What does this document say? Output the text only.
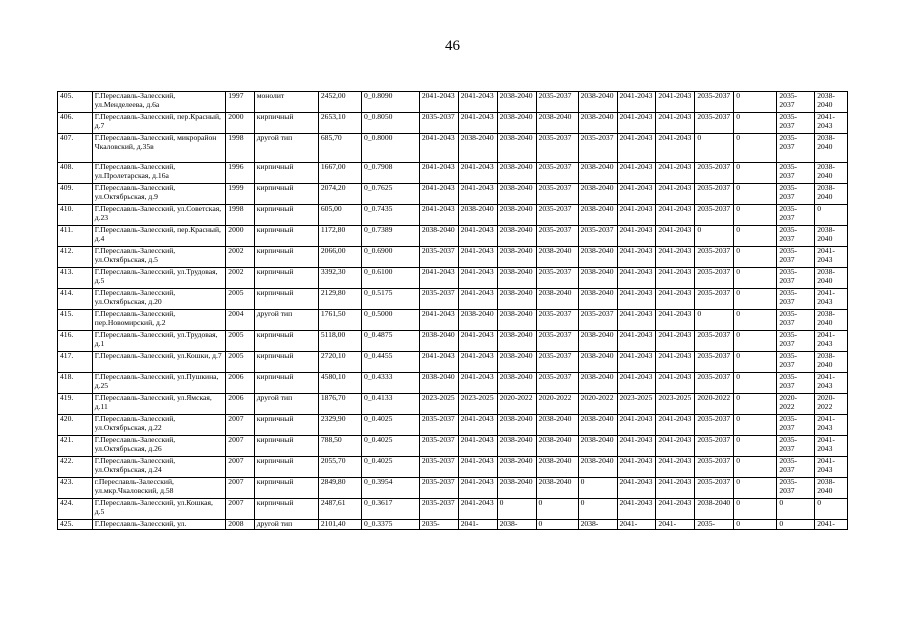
46
405.	Г.Переславль-Залесский, ул.Менделеева, д.6а	1997	монолит	2452,00	0_0.8090	2041-2043	2041-2043	2038-2040	2035-2037	2038-2040	2041-2043	2041-2043	2035-2037	0	2035-2037	2038-2040
406.	Г.Переславль-Залесский, пер.Красный, д.7	2000	кирпичный	2653,10	0_0.8050	2035-2037	2041-2043	2038-2040	2038-2040	2038-2040	2041-2043	2041-2043	2035-2037	0	2035-2037	2041-2043
407.	Г.Переславль-Залесский, микрорайон Чкаловский, д.35в	1998	другой тип	685,70	0_0.8000	2041-2043	2038-2040	2038-2040	2035-2037	2035-2037	2041-2043	2041-2043	0	0	2035-2037	2038-2040
408.	Г.Переславль-Залесский, ул.Пролетарская, д.16а	1996	кирпичный	1667,00	0_0.7908	2041-2043	2041-2043	2038-2040	2035-2037	2038-2040	2041-2043	2041-2043	2035-2037	0	2035-2037	2038-2040
409.	Г.Переславль-Залесский, ул.Октябрьская, д.9	1999	кирпичный	2074,20	0_0.7625	2041-2043	2041-2043	2038-2040	2035-2037	2038-2040	2041-2043	2041-2043	2035-2037	0	2035-2037	2038-2040
410.	Г.Переславль-Залесский, ул.Советская, д.23	1998	кирпичный	605,00	0_0.7435	2041-2043	2038-2040	2038-2040	2035-2037	2038-2040	2041-2043	2041-2043	2035-2037	0	2035-2037	0
411.	Г.Переславль-Залесский, пер.Красный, д.4	2000	кирпичный	1172,80	0_0.7389	2038-2040	2041-2043	2038-2040	2035-2037	2035-2037	2041-2043	2041-2043	0	0	2035-2037	2038-2040
412.	Г.Переславль-Залесский, ул.Октябрьская, д.5	2002	кирпичный	2066,00	0_0.6900	2035-2037	2041-2043	2038-2040	2038-2040	2038-2040	2041-2043	2041-2043	2035-2037	0	2035-2037	2041-2043
413.	Г.Переславль-Залесский, ул.Трудовая, д.5	2002	кирпичный	3392,30	0_0.6100	2041-2043	2041-2043	2038-2040	2035-2037	2038-2040	2041-2043	2041-2043	2035-2037	0	2035-2037	2038-2040
414.	Г.Переславль-Залесский, ул.Октябрьская, д.20	2005	кирпичный	2129,80	0_0.5175	2035-2037	2041-2043	2038-2040	2038-2040	2038-2040	2041-2043	2041-2043	2035-2037	0	2035-2037	2041-2043
415.	Г.Переславль-Залесский, пер.Новомирский, д.2	2004	другой тип	1761,50	0_0.5000	2041-2043	2038-2040	2038-2040	2035-2037	2035-2037	2041-2043	2041-2043	0	0	2035-2037	2038-2040
416.	Г.Переславль-Залесский, ул.Трудовая, д.1	2005	кирпичный	5118,00	0_0.4875	2038-2040	2041-2043	2038-2040	2035-2037	2038-2040	2041-2043	2041-2043	2035-2037	0	2035-2037	2041-2043
417.	Г.Переславль-Залесский, ул.Кошки, д.7	2005	кирпичный	2720,10	0_0.4455	2041-2043	2041-2043	2038-2040	2035-2037	2038-2040	2041-2043	2041-2043	2035-2037	0	2035-2037	2038-2040
418.	Г.Переславль-Залесский, ул.Пушкина, д.25	2006	кирпичный	4580,10	0_0.4333	2038-2040	2041-2043	2038-2040	2035-2037	2038-2040	2041-2043	2041-2043	2035-2037	0	2035-2037	2041-2043
419.	Г.Переславль-Залесский, ул.Ямская, д.11	2006	другой тип	1876,70	0_0.4133	2023-2025	2023-2025	2020-2022	2020-2022	2020-2022	2023-2025	2023-2025	2020-2022	0	2020-2022	2020-2022
420.	Г.Переславль-Залесский, ул.Октябрьская, д.22	2007	кирпичный	2329,90	0_0.4025	2035-2037	2041-2043	2038-2040	2038-2040	2038-2040	2041-2043	2041-2043	2035-2037	0	2035-2037	2041-2043
421.	Г.Переславль-Залесский, ул.Октябрьская, д.26	2007	кирпичный	788,50	0_0.4025	2035-2037	2041-2043	2038-2040	2038-2040	2038-2040	2041-2043	2041-2043	2035-2037	0	2035-2037	2041-2043
422.	Г.Переславль-Залесский, ул.Октябрьская, д.24	2007	кирпичный	2055,70	0_0.4025	2035-2037	2041-2043	2038-2040	2038-2040	2038-2040	2041-2043	2041-2043	2035-2037	0	2035-2037	2041-2043
423.	г.Переславль-Залесский, ул.мкр.Чкаловский, д.58	2007	кирпичный	2849,80	0_0.3954	2035-2037	2041-2043	2038-2040	2038-2040	0	2041-2043	2041-2043	2035-2037	0	2035-2037	2038-2040
424.	Г.Переславль-Залесский, ул.Кошкая, д.5	2007	кирпичный	2487,61	0_0.3617	2035-2037	2041-2043	0	0	0	2041-2043	2041-2043	2038-2040	0	0	0
425.	Г.Переславль-Залесский, ул.	2008	другой тип	2101,40	0_0.3375	2035-	2041-	2038-	0	2038-	2041-	2041-	2035-	0	0	2041-
